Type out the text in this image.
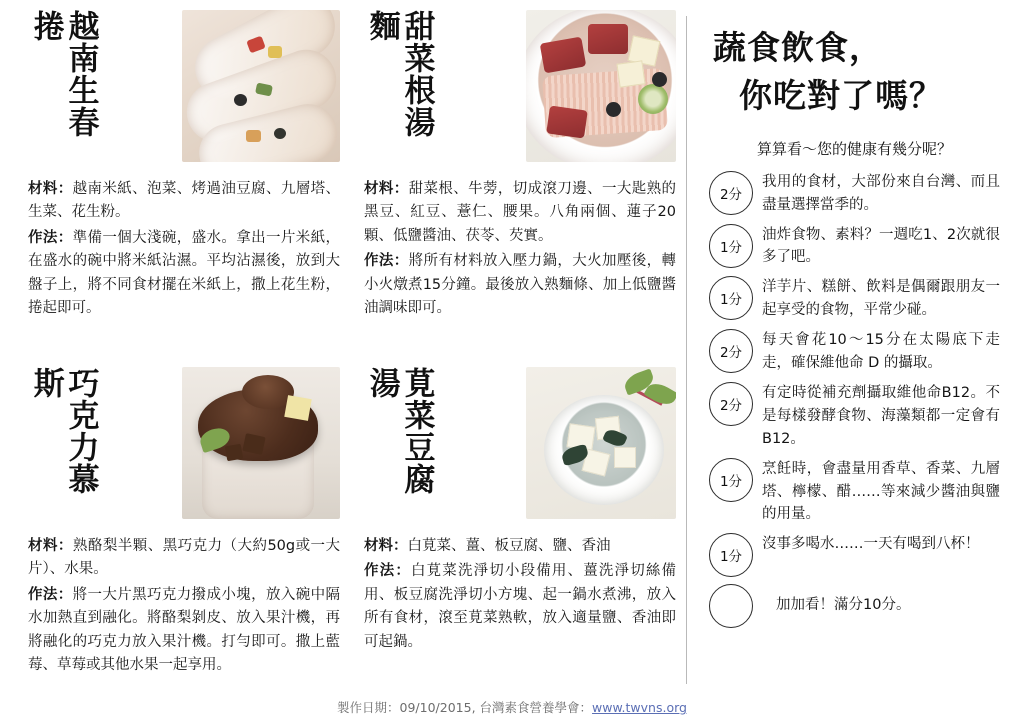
越南生春捲

材料：越南米紙、泡菜、烤過油豆腐、九層塔、生菜、花生粉。

作法：準備一個大淺碗，盛水。拿出一片米紙，在盛水的碗中將米紙沾濕。平均沾濕後，放到大盤子上，將不同食材擺在米紙上，撒上花生粉，捲起即可。

甜菜根湯麵

材料：甜菜根、牛蒡，切成滾刀邊、一大匙熟的黑豆、紅豆、薏仁、腰果。八角兩個、蓮子20顆、低鹽醬油、茯苓、芡實。

作法：將所有材料放入壓力鍋，大火加壓後，轉小火燉煮15分鐘。最後放入熟麵條、加上低鹽醬油調味即可。

巧克力慕斯

材料：熟酪梨半顆、黑巧克力（大約50g或一大片）、水果。

作法：將一大片黑巧克力撥成小塊，放入碗中隔水加熱直到融化。將酪梨剝皮、放入果汁機，再將融化的巧克力放入果汁機。打勻即可。撒上藍莓、草莓或其他水果一起享用。

莧菜豆腐湯

材料：白莧菜、薑、板豆腐、鹽、香油

作法：白莧菜洗淨切小段備用、薑洗淨切絲備用、板豆腐洗淨切小方塊、起一鍋水煮沸，放入所有食材，滾至莧菜熟軟，放入適量鹽、香油即可起鍋。

蔬食飲食，
你吃對了嗎？
算算看～您的健康有幾分呢？
2分
我用的食材，大部份來自台灣、而且盡量選擇當季的。
1分
油炸食物、素料？一週吃1、2次就很多了吧。
1分
洋芋片、糕餅、飲料是偶爾跟朋友一起享受的食物，平常少碰。
2分
每天會花10～15分在太陽底下走走，確保維他命 D 的攝取。
2分
有定時從補充劑攝取維他命B12。不是每樣發酵食物、海藻類都一定會有B12。
1分
烹飪時，會盡量用香草、香菜、九層塔、檸檬、醋……等來減少醬油與鹽的用量。
1分
沒事多喝水……一天有喝到八杯！
加加看！滿分10分。
製作日期：09/10/2015, 台灣素食營養學會：www.twvns.org
